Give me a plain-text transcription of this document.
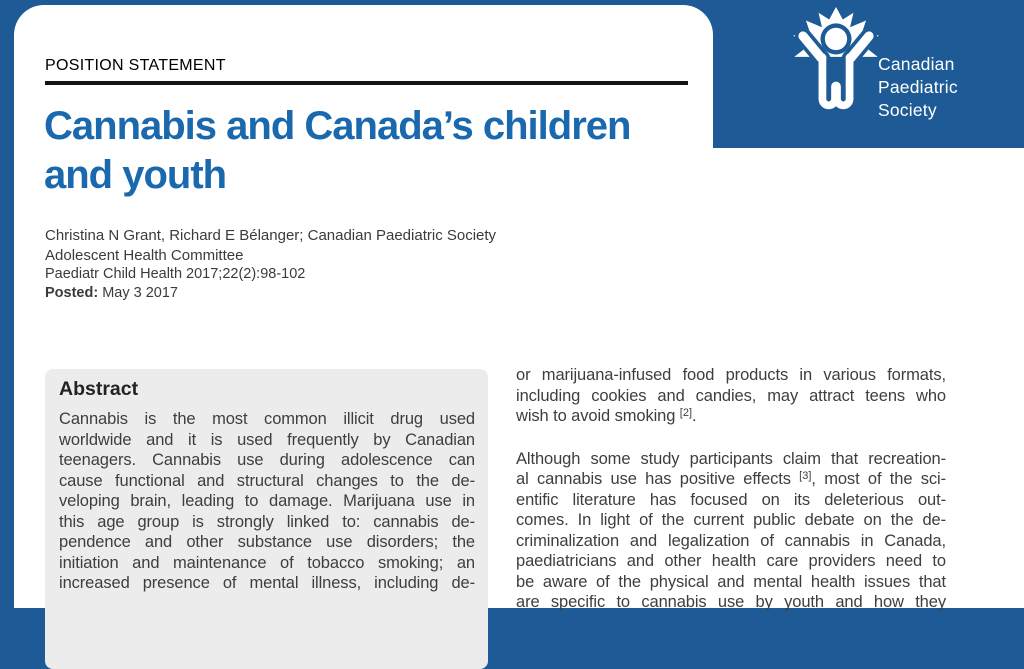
Canadian
Paediatric
Society
POSITION STATEMENT
Cannabis and Canada’s children
and youth
Christina N Grant, Richard E Bélanger; Canadian Paediatric Society
Adolescent Health Committee
Paediatr Child Health 2017;22(2):98-102
Posted: May 3 2017
Abstract
Cannabis is the most common illicit drug used
worldwide and it is used frequently by Canadian
teenagers. Cannabis use during adolescence can
cause functional and structural changes to the de-
veloping brain, leading to damage. Marijuana use in
this age group is strongly linked to: cannabis de-
pendence and other substance use disorders; the
initiation and maintenance of tobacco smoking; an
increased presence of mental illness, including de-
or marijuana-infused food products in various formats,
including cookies and candies, may attract teens who
wish to avoid smoking [2].
Although some study participants claim that recreation-
al cannabis use has positive effects [3], most of the sci-
entific literature has focused on its deleterious out-
comes. In light of the current public debate on the de-
criminalization and legalization of cannabis in Canada,
paediatricians and other health care providers need to
be aware of the physical and mental health issues that
are specific to cannabis use by youth and how they
